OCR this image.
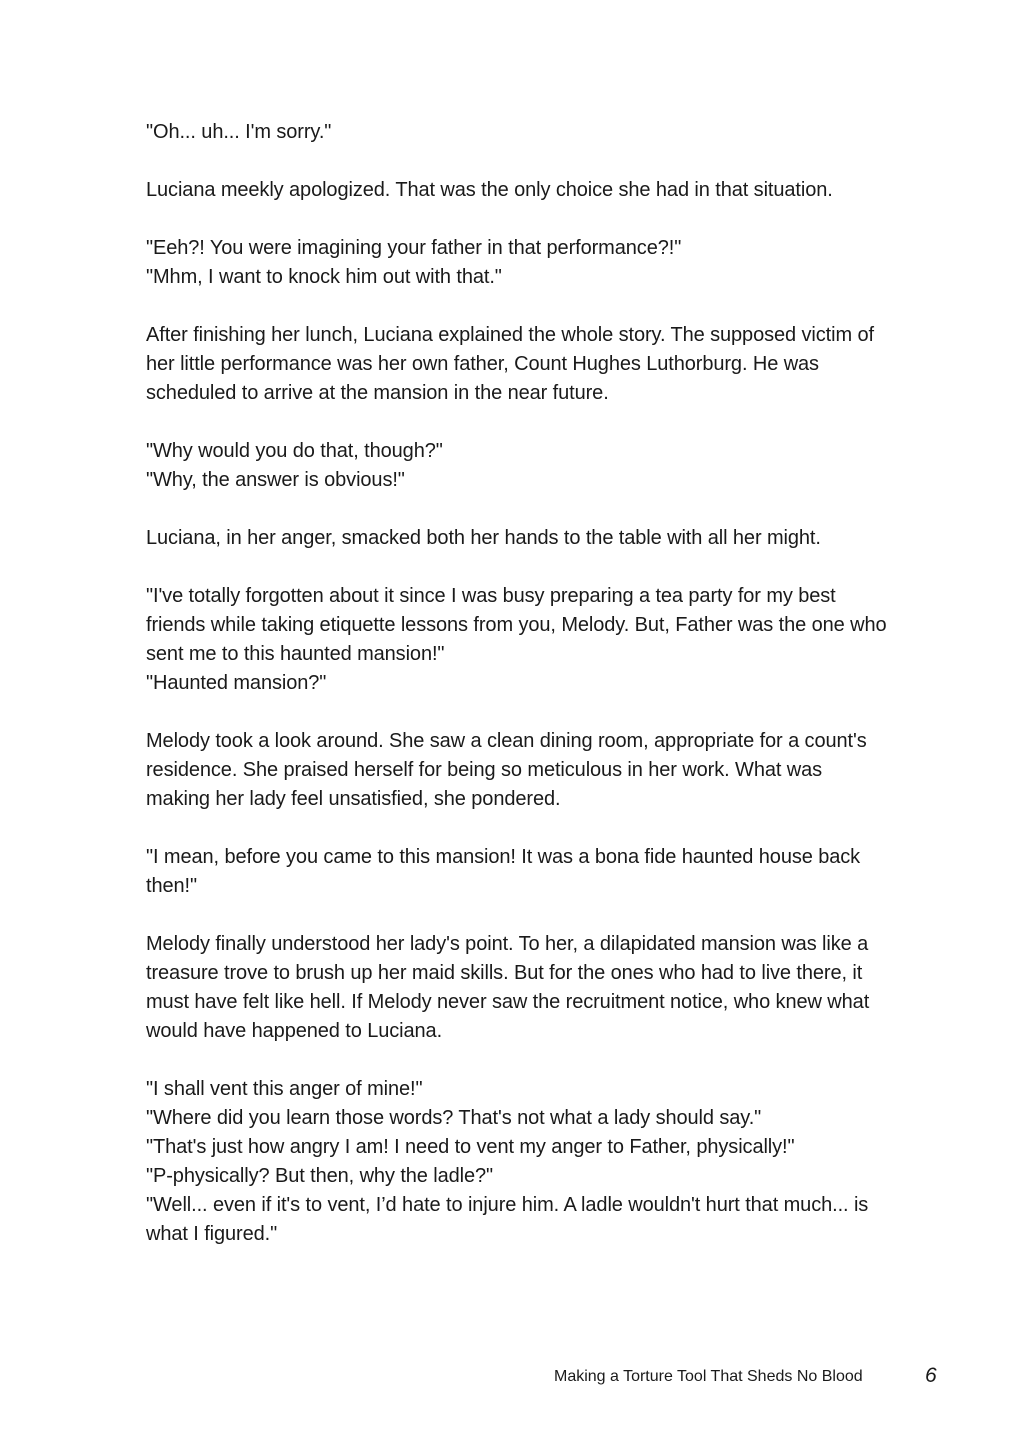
"Oh... uh... I'm sorry."

Luciana meekly apologized. That was the only choice she had in that situation.

"Eeh?! You were imagining your father in that performance?!"
"Mhm, I want to knock him out with that."

After finishing her lunch, Luciana explained the whole story. The supposed victim of
her little performance was her own father, Count Hughes Luthorburg. He was
scheduled to arrive at the mansion in the near future.

"Why would you do that, though?"
"Why, the answer is obvious!"

Luciana, in her anger, smacked both her hands to the table with all her might.

"I've totally forgotten about it since I was busy preparing a tea party for my best
friends while taking etiquette lessons from you, Melody. But, Father was the one who
sent me to this haunted mansion!"
"Haunted mansion?"

Melody took a look around. She saw a clean dining room, appropriate for a count's
residence. She praised herself for being so meticulous in her work. What was
making her lady feel unsatisfied, she pondered.

"I mean, before you came to this mansion! It was a bona fide haunted house back
then!"

Melody finally understood her lady's point. To her, a dilapidated mansion was like a
treasure trove to brush up her maid skills. But for the ones who had to live there, it
must have felt like hell. If Melody never saw the recruitment notice, who knew what
would have happened to Luciana.

"I shall vent this anger of mine!"
"Where did you learn those words? That's not what a lady should say."
"That's just how angry I am! I need to vent my anger to Father, physically!"
"P-physically? But then, why the ladle?"
"Well... even if it's to vent, I’d hate to injure him. A ladle wouldn't hurt that much... is
what I figured."

Making a Torture Tool That Sheds No Blood	6
